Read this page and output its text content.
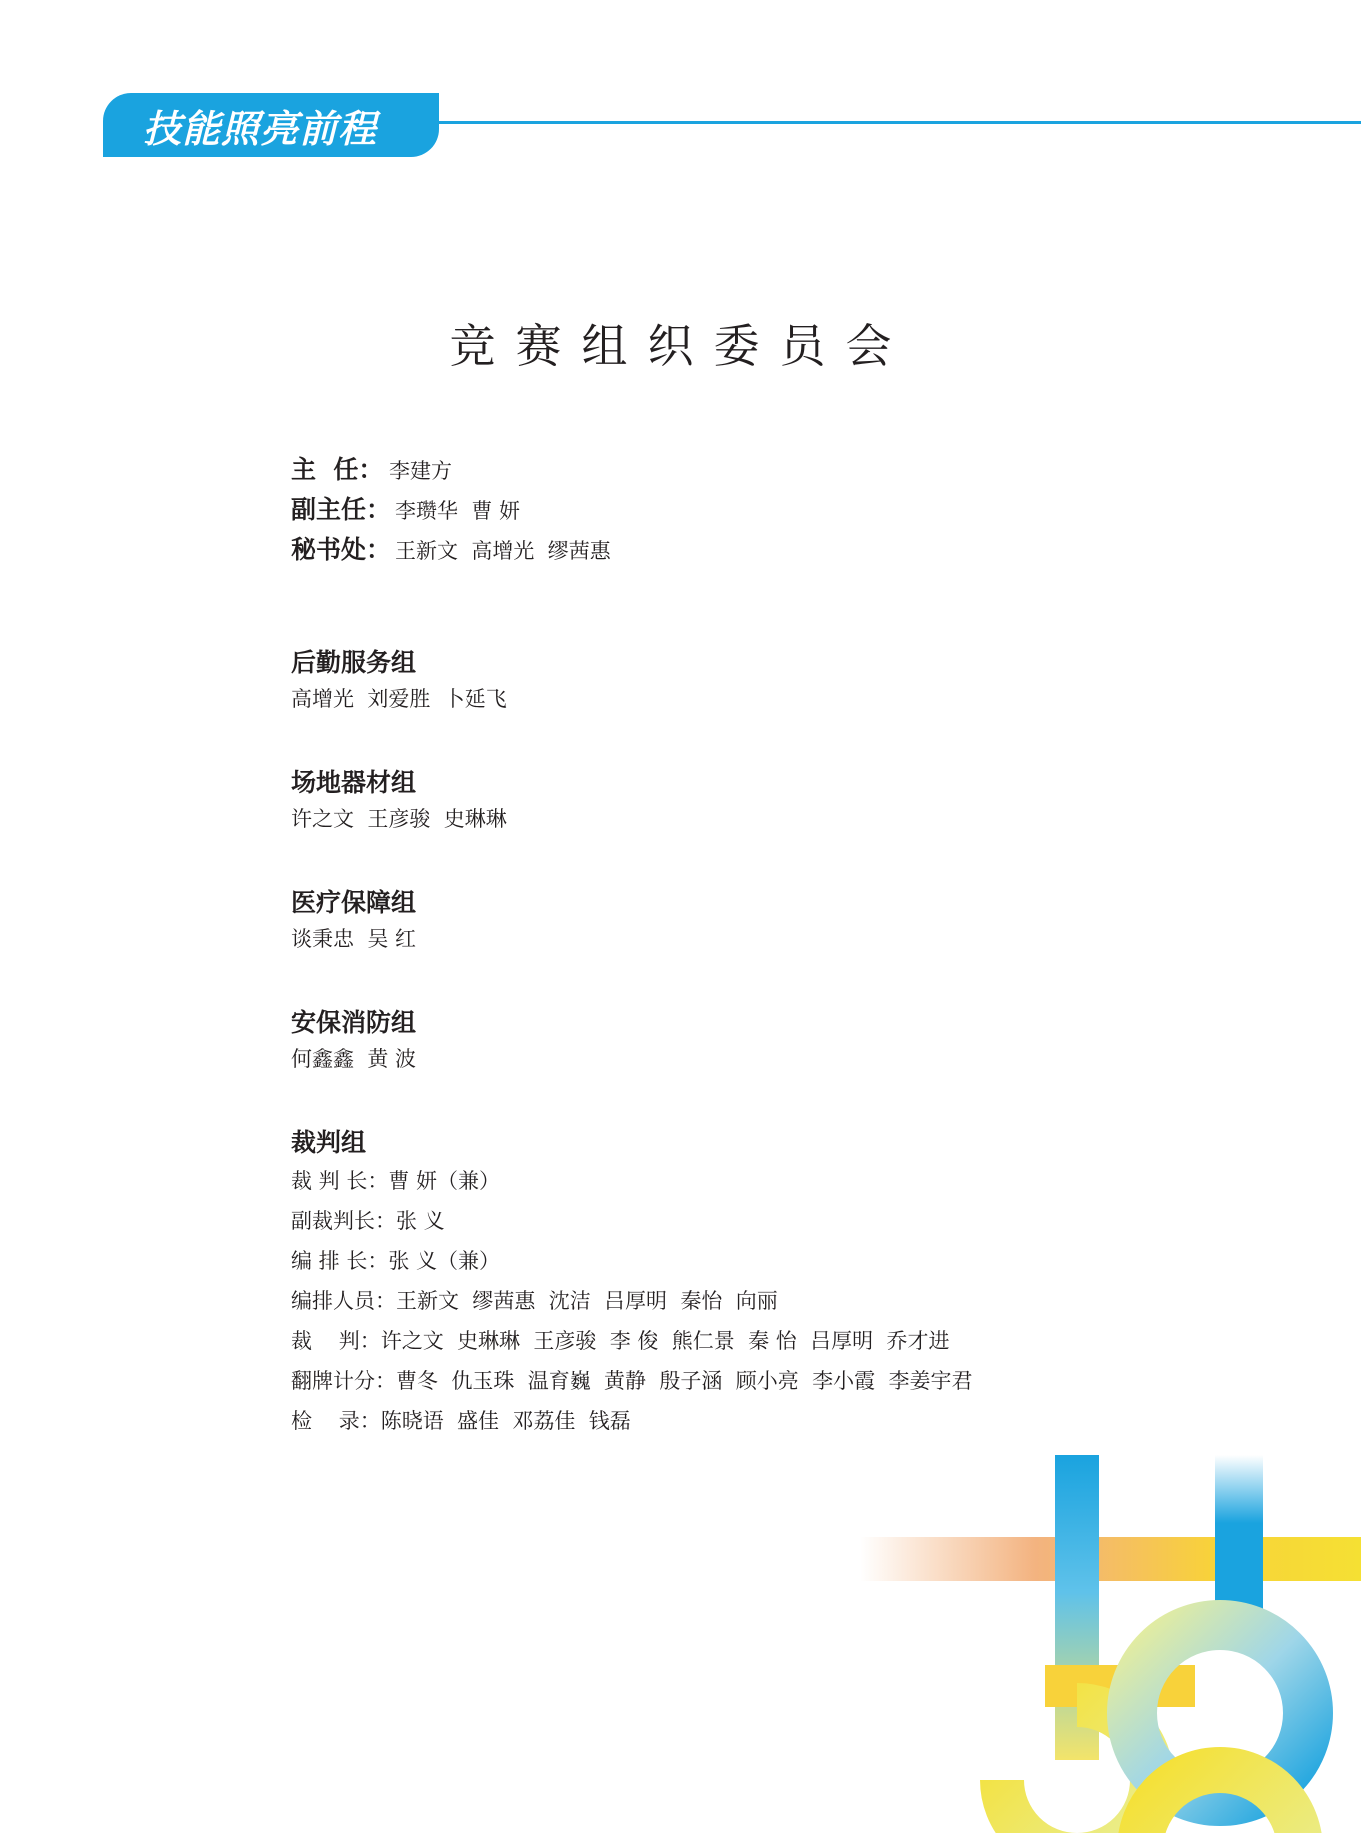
技能照亮前程
竞赛组织委员会
主  任： 李建方
副主任： 李瓒华  曹 妍
秘书处： 王新文  高增光  缪茜惠
后勤服务组
高增光  刘爱胜  卜延飞
场地器材组
许之文  王彦骏  史琳琳
医疗保障组
谈秉忠  吴 红
安保消防组
何鑫鑫  黄 波
裁判组
裁 判 长：曹 妍（兼）
副裁判长：张 义
编 排 长：张 义（兼）
编排人员：王新文  缪茜惠  沈洁  吕厚明  秦怡  向丽
裁    判：许之文  史琳琳  王彦骏  李 俊  熊仁景  秦 怡  吕厚明  乔才进
翻牌计分：曹冬  仇玉珠  温育巍  黄静  殷子涵  顾小亮  李小霞  李姜宇君
检    录：陈晓语  盛佳  邓荔佳  钱磊
